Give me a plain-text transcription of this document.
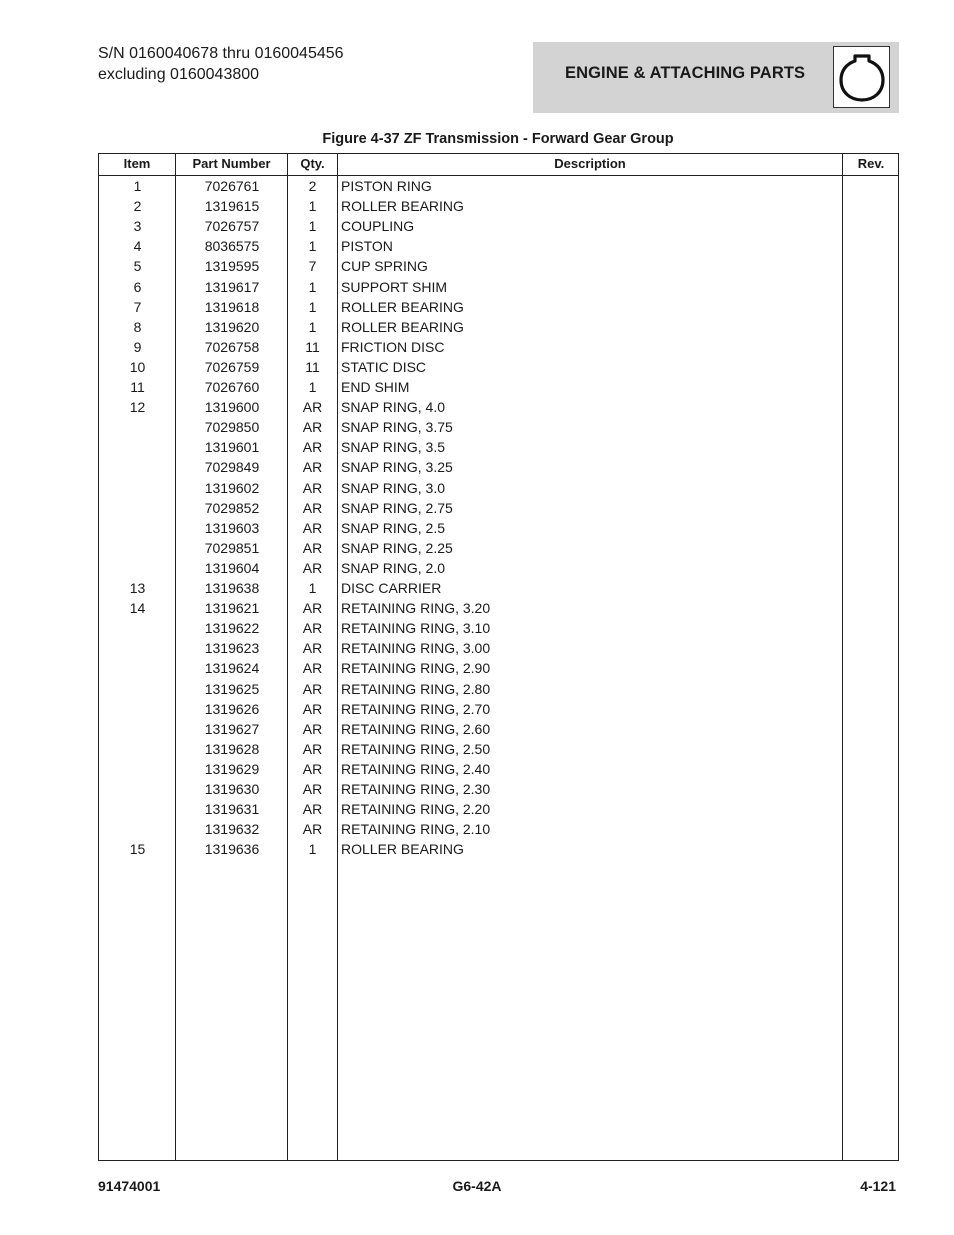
S/N 0160040678 thru 0160045456
excluding 0160043800	ENGINE & ATTACHING PARTS
Figure 4-37 ZF Transmission - Forward Gear Group
Item	Part Number	Qty.	Description	Rev.
1	7026761	2	PISTON RING
2	1319615	1	ROLLER BEARING
3	7026757	1	COUPLING
4	8036575	1	PISTON
5	1319595	7	CUP SPRING
6	1319617	1	SUPPORT SHIM
7	1319618	1	ROLLER BEARING
8	1319620	1	ROLLER BEARING
9	7026758	11	FRICTION DISC
10	7026759	11	STATIC DISC
11	7026760	1	END SHIM
12	1319600	AR	SNAP RING, 4.0
7029850	AR	SNAP RING, 3.75
1319601	AR	SNAP RING, 3.5
7029849	AR	SNAP RING, 3.25
1319602	AR	SNAP RING, 3.0
7029852	AR	SNAP RING, 2.75
1319603	AR	SNAP RING, 2.5
7029851	AR	SNAP RING, 2.25
1319604	AR	SNAP RING, 2.0
13	1319638	1	DISC CARRIER
14	1319621	AR	RETAINING RING, 3.20
1319622	AR	RETAINING RING, 3.10
1319623	AR	RETAINING RING, 3.00
1319624	AR	RETAINING RING, 2.90
1319625	AR	RETAINING RING, 2.80
1319626	AR	RETAINING RING, 2.70
1319627	AR	RETAINING RING, 2.60
1319628	AR	RETAINING RING, 2.50
1319629	AR	RETAINING RING, 2.40
1319630	AR	RETAINING RING, 2.30
1319631	AR	RETAINING RING, 2.20
1319632	AR	RETAINING RING, 2.10
15	1319636	1	ROLLER BEARING
91474001	G6-42A	4-121
